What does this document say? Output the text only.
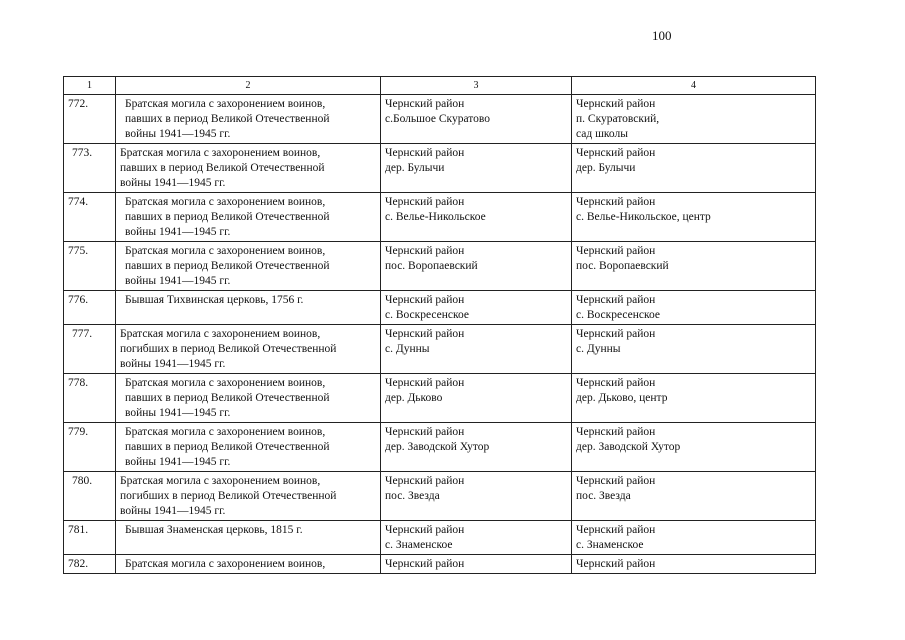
100
1	2	3	4
772.	Братская могила с захоронением воинов,
павших в период Великой Отечественной
войны 1941—1945 гг.	Чернский район
с.Большое Скуратово	Чернский район
п. Скуратовский,
сад школы

773.	Братская могила с захоронением воинов,
павших в период Великой Отечественной
войны 1941—1945 гг.	Чернский район
дер. Булычи	Чернский район
дер. Булычи

774.	Братская могила с захоронением воинов,
павших в период Великой Отечественной
войны 1941—1945 гг.	Чернский район
с. Велье-Никольское	Чернский район
с. Велье-Никольское, центр

775.	Братская могила с захоронением воинов,
павших в период Великой Отечественной
войны 1941—1945 гг.	Чернский район
пос. Воропаевский	Чернский район
пос. Воропаевский

776.	Бывшая Тихвинская церковь, 1756 г.	Чернский район
с. Воскресенское	Чернский район
с. Воскресенское

777.	Братская могила с захоронением воинов,
погибших в период Великой Отечественной
войны 1941—1945 гг.	Чернский район
с. Дунны	Чернский район
с. Дунны

778.	Братская могила с захоронением воинов,
павших в период Великой Отечественной
войны 1941—1945 гг.	Чернский район
дер. Дьково	Чернский район
дер. Дьково, центр

779.	Братская могила с захоронением воинов,
павших в период Великой Отечественной
войны 1941—1945 гг.	Чернский район
дер. Заводской Хутор	Чернский район
дер. Заводской Хутор

780.	Братская могила с захоронением воинов,
погибших в период Великой Отечественной
войны 1941—1945 гг.	Чернский район
пос. Звезда	Чернский район
пос. Звезда

781.	Бывшая Знаменская церковь, 1815 г.	Чернский район
с. Знаменское	Чернский район
с. Знаменское

782.	Братская могила с захоронением воинов,	Чернский район	Чернский район
